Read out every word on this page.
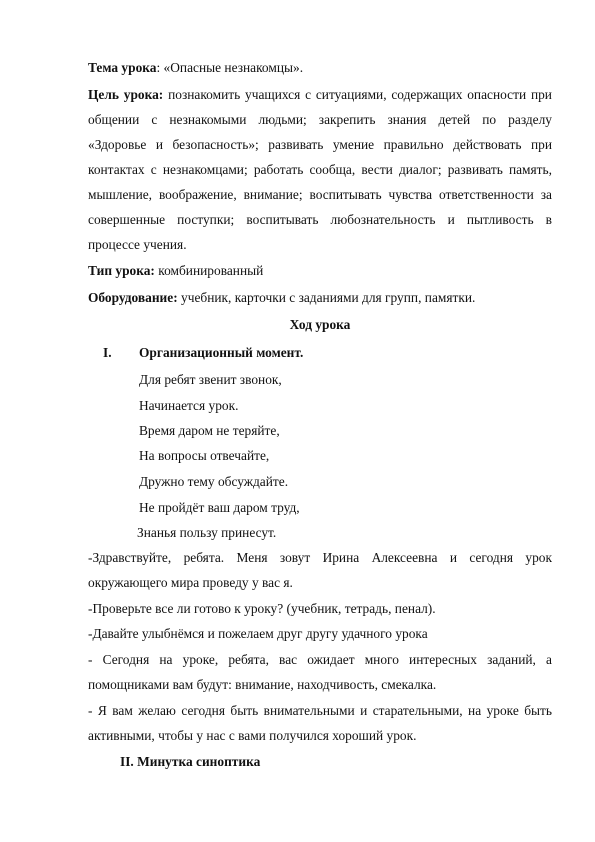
Тема урока: «Опасные незнакомцы».
Цель урока: познакомить учащихся с ситуациями, содержащих опасности при
общении с незнакомыми людьми; закрепить знания детей по разделу
«Здоровье и безопасность»; развивать умение правильно действовать при
контактах с незнакомцами; работать сообща, вести диалог; развивать память,
мышление, воображение, внимание; воспитывать чувства ответственности за
совершенные поступки; воспитывать любознательность и пытливость в
процессе учения.
Тип урока: комбинированный
Оборудование: учебник, карточки с заданиями для групп, памятки.
Ход урока
I. Организационный момент.
Для ребят звенит звонок,
Начинается урок.
Время даром не теряйте,
На вопросы отвечайте,
Дружно тему обсуждайте.
Не пройдёт ваш даром труд,
Знанья пользу принесут.
-Здравствуйте, ребята. Меня зовут Ирина Алексеевна и сегодня урок
окружающего мира проведу у вас я.
-Проверьте все ли готово к уроку? (учебник, тетрадь, пенал).
-Давайте улыбнёмся и пожелаем друг другу удачного урока
- Сегодня на уроке, ребята, вас ожидает много интересных заданий, а
помощниками вам будут: внимание, находчивость, смекалка.
- Я вам желаю сегодня быть внимательными и старательными, на уроке быть
активными, чтобы у нас с вами получился хороший урок.
II. Минутка синоптика
